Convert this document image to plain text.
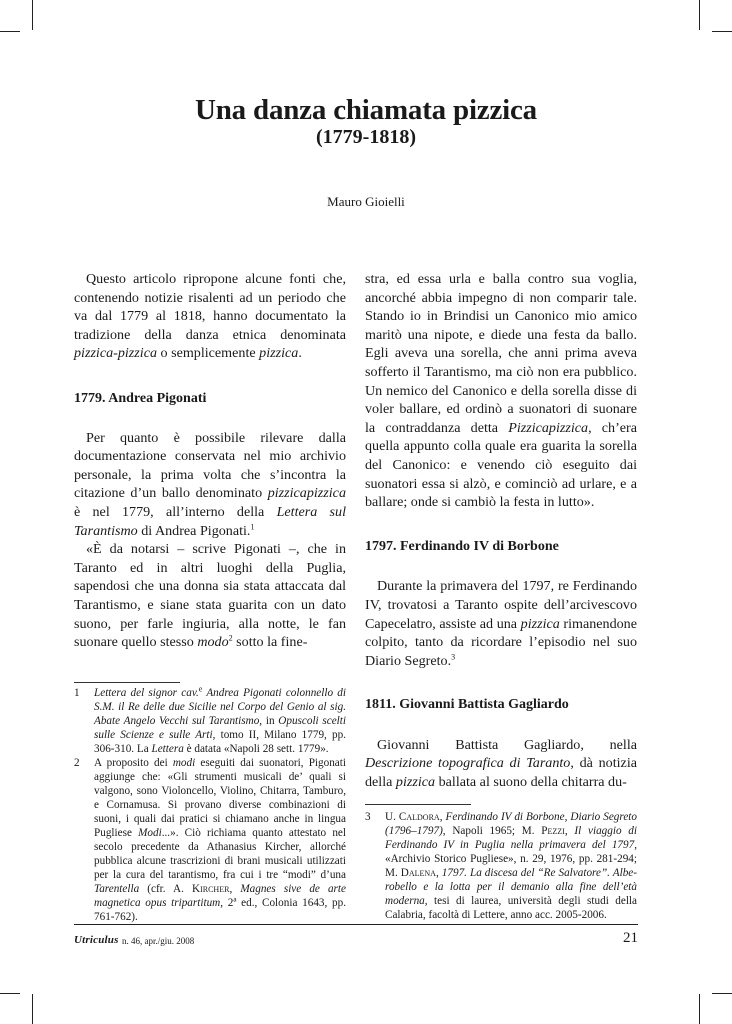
Una danza chiamata pizzica
(1779-1818)
Mauro Gioielli

Questo articolo ripropone alcune fonti che, contenendo notizie risalenti ad un periodo che va dal 1779 al 1818, hanno documentato la tradizione della danza etnica denominata pizzica-pizzica o semplicemente pizzica.

1779. Andrea Pigonati

Per quanto è possibile rilevare dalla documentazione conservata nel mio archivio personale, la prima volta che s’incontra la citazione d’un ballo denominato pizzicapizzica è nel 1779, all’interno della Lettera sul Tarantismo di Andrea Pigonati.$^1$

«È da notarsi – scrive Pigonati –, che in Taranto ed in altri luoghi della Puglia, sapendosi che una donna sia stata attaccata dal Tarantismo, e siane stata guarita con un dato suono, per farle ingiuria, alla notte, le fan suonare quello stesso modo$^2$ sotto la fine-

stra, ed essa urla e balla contro sua voglia, ancorché abbia impegno di non comparir tale. Stando io in Brindisi un Canonico mio amico maritò una nipote, e diede una festa da ballo. Egli aveva una sorella, che anni prima aveva sofferto il Tarantismo, ma ciò non era pubblico. Un nemico del Canonico e della sorella disse di voler ballare, ed ordinò a suonatori di suonare la contraddanza detta Pizzicapizzica, ch’era quella appunto colla quale era guarita la sorella del Canonico: e venendo ciò eseguito dai suonatori essa si alzò, e cominciò ad urlare, e a ballare; onde si cambiò la festa in lutto».

1797. Ferdinando IV di Borbone

Durante la primavera del 1797, re Ferdinando IV, trovatosi a Taranto ospite dell’arcivescovo Capecelatro, assiste ad una pizzica rimanendone colpito, tanto da ricordare l’episodio nel suo Diario Segreto.$^3$

1811. Giovanni Battista Gagliardo

Giovanni Battista Gagliardo, nella Descrizione topografica di Taranto, dà notizia della pizzica ballata al suono della chitarra du-

1	Lettera del signor cav.$^e$ Andrea Pigonati colonnello di S.M. il Re delle due Sicilie nel Corpo del Genio al sig. Abate Angelo Vecchi sul Tarantismo, in Opuscoli scelti sulle Scienze e sulle Arti, tomo II, Milano 1779, pp. 306-310. La Lettera è datata «Napoli 28 sett. 1779».
2	A proposito dei modi eseguiti dai suonatori, Pigonati aggiunge che: «Gli strumenti musicali de’ quali si valgono, sono Violoncello, Violino, Chitarra, Tamburo, e Cornamusa. Si provano diverse combinazioni di suoni, i quali dai pratici si chiamano anche in lingua Pugliese Modi...». Ciò richiama quanto attestato nel secolo precedente da Athanasius Kircher, allorché pubblica alcune trascrizioni di brani musicali utilizzati per la cura del tarantismo, fra cui i tre “modi” d’una Tarentella (cfr. A. Kircher, Magnes sive de arte magnetica opus tripartitum, 2ª ed., Colonia 1643, pp. 761-762).
3	U. Caldora, Ferdinando IV di Borbone, Diario Segreto (1796–1797), Napoli 1965; M. Pezzi, Il viaggio di Ferdinando IV in Puglia nella primavera del 1797, «Archivio Storico Pugliese», n. 29, 1976, pp. 281-294; M. Dalena, 1797. La discesa del “Re Salvatore”. Albe-robello e la lotta per il demanio alla fine dell’età moderna, tesi di laurea, università degli studi della Calabria, facoltà di Lettere, anno acc. 2005-2006.
Utriculus n. 46, apr./giu. 2008	21
